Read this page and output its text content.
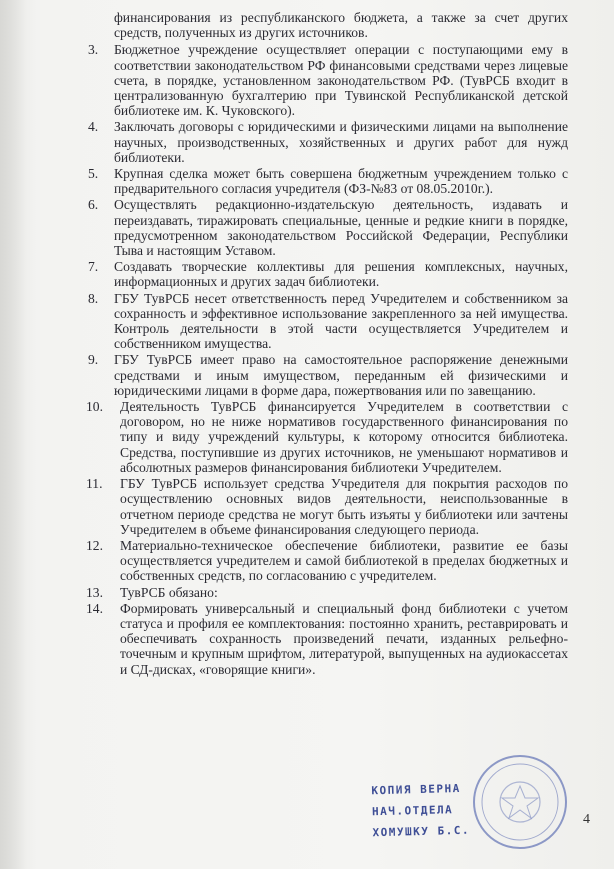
финансирования из республиканского бюджета, а также за счет других средств, полученных из других источников.

3. Бюджетное учреждение осуществляет операции с поступающими ему в соответствии законодательством РФ финансовыми средствами через лицевые счета, в порядке, установленном законодательством РФ. (ТувРСБ входит в централизованную бухгалтерию при Тувинской Республиканской детской библиотеке им. К. Чуковского).
4. Заключать договоры с юридическими и физическими лицами на выполнение научных, производственных, хозяйственных и других работ для нужд библиотеки.
5. Крупная сделка может быть совершена бюджетным учреждением только с предварительного согласия учредителя (ФЗ-№83 от 08.05.2010г.).
6. Осуществлять редакционно-издательскую деятельность, издавать и переиздавать, тиражировать специальные, ценные и редкие книги в порядке, предусмотренном законодательством Российской Федерации, Республики Тыва и настоящим Уставом.
7. Создавать творческие коллективы для решения комплексных, научных, информационных и других задач библиотеки.
8. ГБУ ТувРСБ несет ответственность перед Учредителем и собственником за сохранность и эффективное использование закрепленного за ней имущества. Контроль деятельности в этой части осуществляется Учредителем и собственником имущества.
9. ГБУ ТувРСБ имеет право на самостоятельное распоряжение денежными средствами и иным имуществом, переданным ей физическими и юридическими лицами в форме дара, пожертвования или по завещанию.
10. Деятельность ТувРСБ финансируется Учредителем в соответствии с договором, но не ниже нормативов государственного финансирования по типу и виду учреждений культуры, к которому относится библиотека. Средства, поступившие из других источников, не уменьшают нормативов и абсолютных размеров финансирования библиотеки Учредителем.
11. ГБУ ТувРСБ использует средства Учредителя для покрытия расходов по осуществлению основных видов деятельности, неиспользованные в отчетном периоде средства не могут быть изъяты у библиотеки или зачтены Учредителем в объеме финансирования следующего периода.
12. Материально-техническое обеспечение библиотеки, развитие ее базы осуществляется учредителем и самой библиотекой в пределах бюджетных и собственных средств, по согласованию с учредителем.
13. ТувРСБ обязано:
14. Формировать универсальный и специальный фонд библиотеки с учетом статуса и профиля ее комплектования: постоянно хранить, реставрировать и обеспечивать сохранность произведений печати, изданных рельефно-точечным и крупным шрифтом, литературой, выпущенных на аудиокассетах и СД-дисках, «говорящие книги».
КОПИЯ ВЕРНА
НАЧ.ОТДЕЛА
ХОМУШКУ Б.С.
4
